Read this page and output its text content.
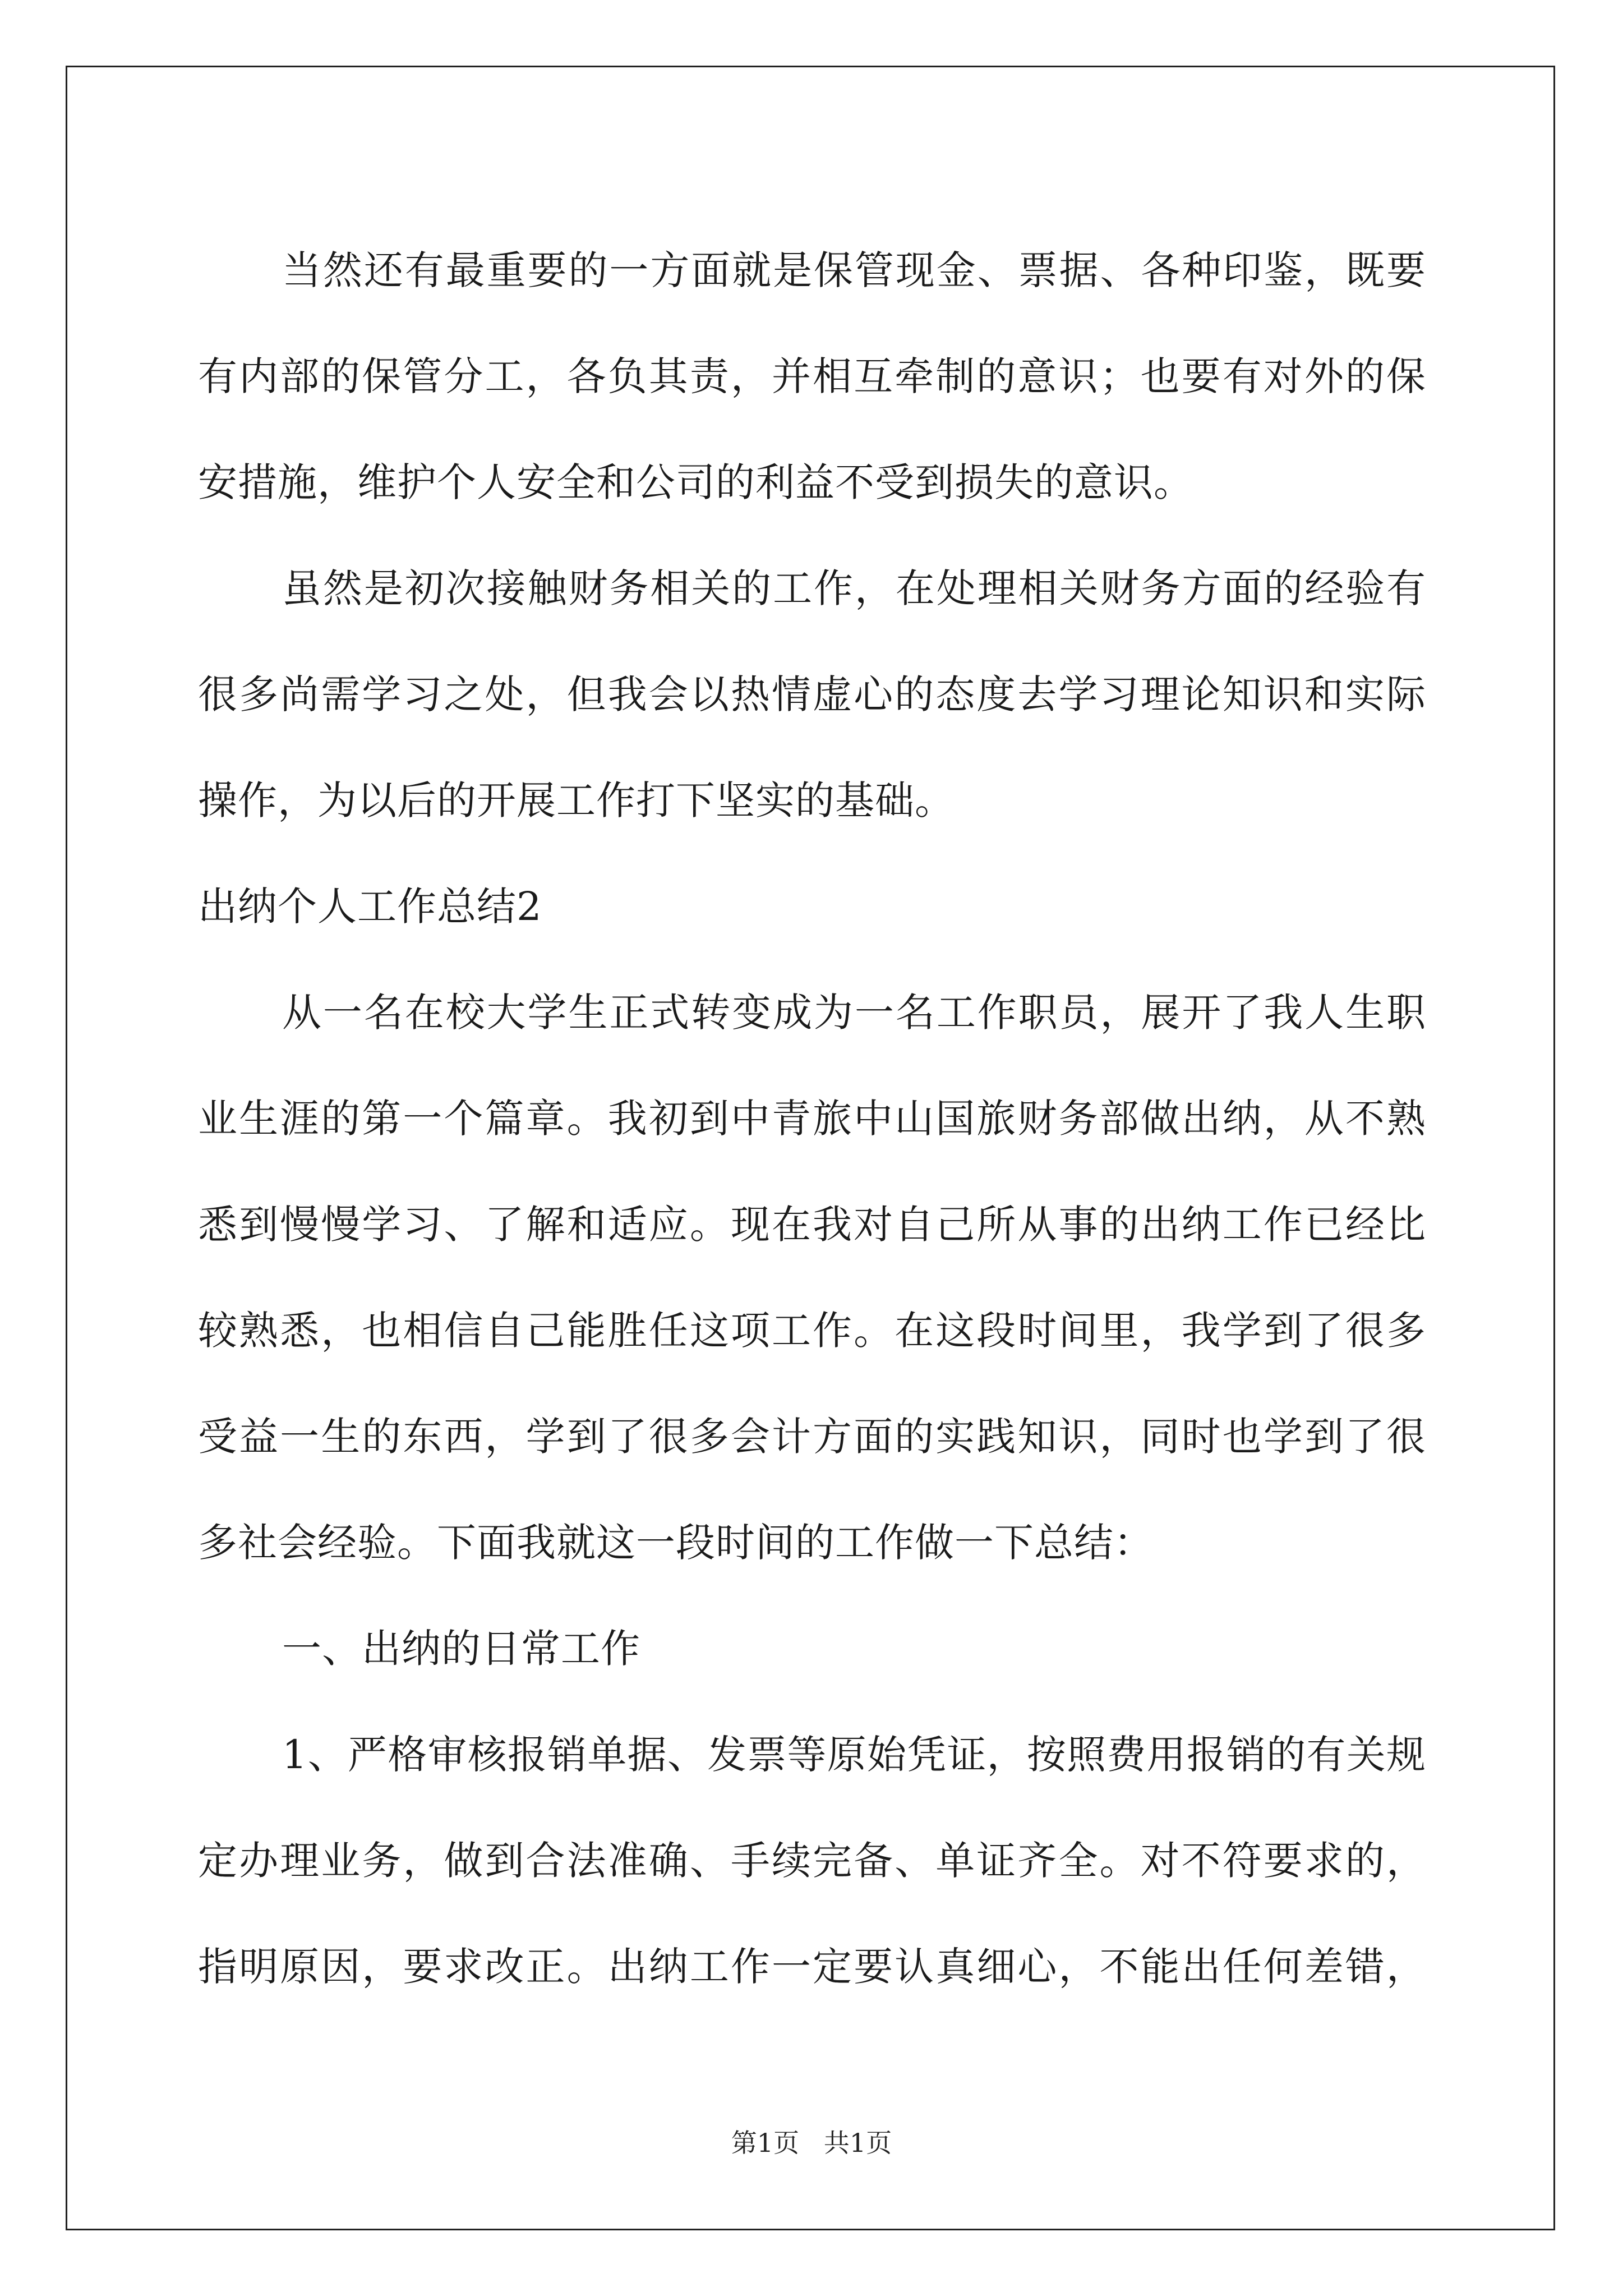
当然还有最重要的一方面就是保管现金、票据、各种印鉴，既要
有内部的保管分工，各负其责，并相互牵制的意识；也要有对外的保
安措施，维护个人安全和公司的利益不受到损失的意识。
虽然是初次接触财务相关的工作，在处理相关财务方面的经验有
很多尚需学习之处，但我会以热情虚心的态度去学习理论知识和实际
操作，为以后的开展工作打下坚实的基础。
出纳个人工作总结2
从一名在校大学生正式转变成为一名工作职员，展开了我人生职
业生涯的第一个篇章。我初到中青旅中山国旅财务部做出纳，从不熟
悉到慢慢学习、了解和适应。现在我对自己所从事的出纳工作已经比
较熟悉，也相信自己能胜任这项工作。在这段时间里，我学到了很多
受益一生的东西，学到了很多会计方面的实践知识，同时也学到了很
多社会经验。下面我就这一段时间的工作做一下总结：
一、出纳的日常工作
1、严格审核报销单据、发票等原始凭证，按照费用报销的有关规
定办理业务，做到合法准确、手续完备、单证齐全。对不符要求的，
指明原因，要求改正。出纳工作一定要认真细心，不能出任何差错，
第1页   共1页
